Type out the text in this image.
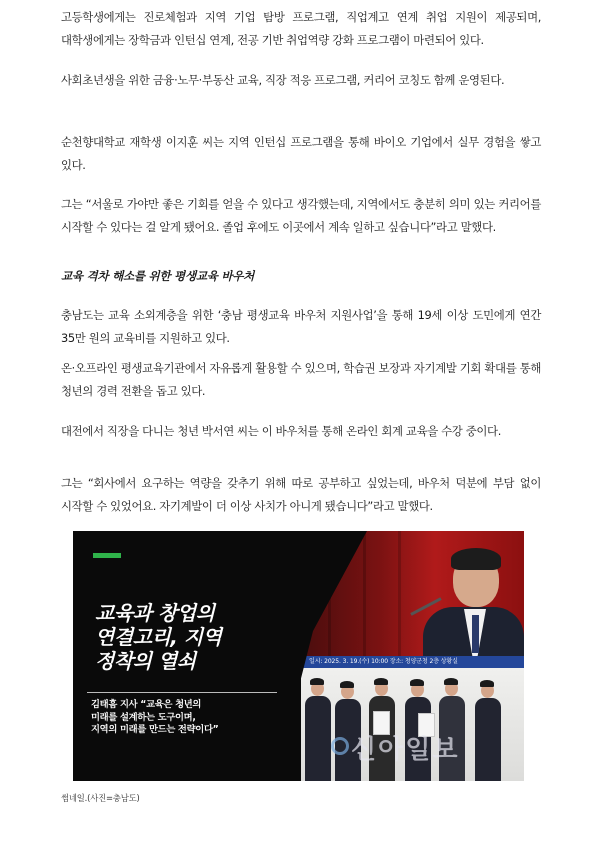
고등학생에게는 진로체험과 지역 기업 탐방 프로그램, 직업계고 연계 취업 지원이 제공되며, 대학생에게는 장학금과 인턴십 연계, 전공 기반 취업역량 강화 프로그램이 마련되어 있다.

사회초년생을 위한 금융·노무·부동산 교육, 직장 적응 프로그램, 커리어 코칭도 함께 운영된다.

순천향대학교 재학생 이지훈 씨는 지역 인턴십 프로그램을 통해 바이오 기업에서 실무 경험을 쌓고 있다.

그는 “서울로 가야만 좋은 기회를 얻을 수 있다고 생각했는데, 지역에서도 충분히 의미 있는 커리어를 시작할 수 있다는 걸 알게 됐어요. 졸업 후에도 이곳에서 계속 일하고 싶습니다”라고 말했다.

교육 격차 해소를 위한 평생교육 바우처

충남도는 교육 소외계층을 위한 ‘충남 평생교육 바우처 지원사업’을 통해 19세 이상 도민에게 연간 35만 원의 교육비를 지원하고 있다.

온·오프라인 평생교육기관에서 자유롭게 활용할 수 있으며, 학습권 보장과 자기계발 기회 확대를 통해 청년의 경력 전환을 돕고 있다.

대전에서 직장을 다니는 청년 박서연 씨는 이 바우처를 통해 온라인 회계 교육을 수강 중이다.

그는 “회사에서 요구하는 역량을 갖추기 위해 따로 공부하고 싶었는데, 바우처 덕분에 부담 없이 시작할 수 있었어요. 자기계발이 더 이상 사치가 아니게 됐습니다”라고 말했다.

일시: 2025. 3. 19.(수) 10:00 장소: 청양군청 2층 상황실
교육과 창업의
연결고리, 지역
정착의 열쇠
김태흠 지사 “교육은 청년의
미래를 설계하는 도구이며,
지역의 미래를 만드는 전략이다”
신아일보
썸네일.(사진=충남도)
